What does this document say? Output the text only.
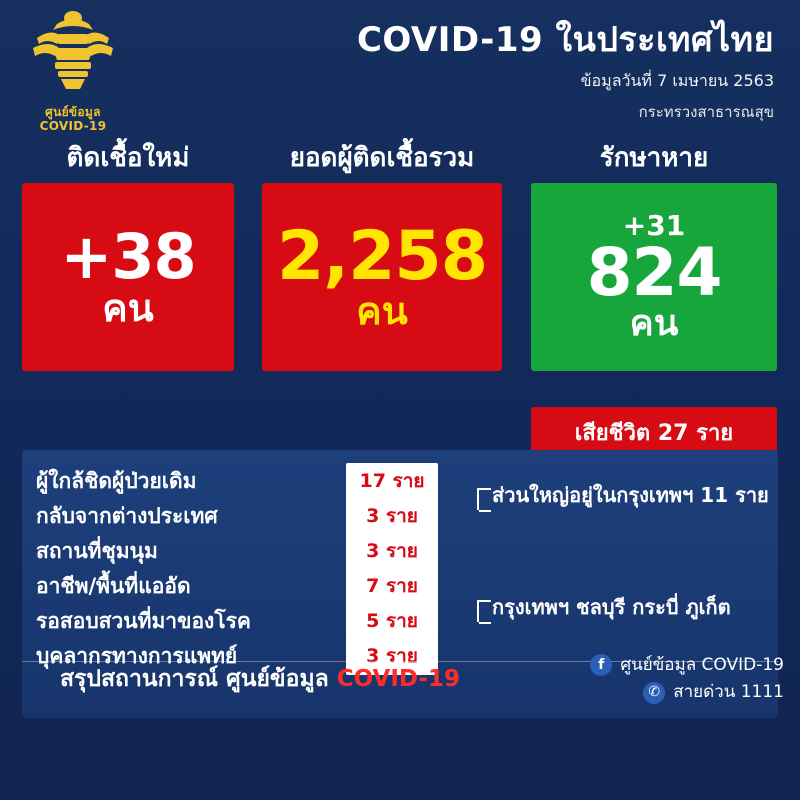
ศูนย์ข้อมูล
COVID-19
COVID-19 ในประเทศไทย
ข้อมูลวันที่ 7 เมษายน 2563
กระทรวงสาธารณสุข
ติดเชื้อใหม่
+38
คน
ยอดผู้ติดเชื้อรวม
2,258
คน
รักษาหาย
+31
824
คน
เสียชีวิต 27 ราย
ผู้ใกล้ชิดผู้ป่วยเดิม	17 ราย
กลับจากต่างประเทศ	3 ราย
สถานที่ชุมนุม	3 ราย
อาชีพ/พื้นที่แออัด	7 ราย
รอสอบสวนที่มาของโรค	5 ราย
บุคลากรทางการแพทย์	3 ราย
ส่วนใหญ่อยู่ในกรุงเทพฯ 11 ราย
กรุงเทพฯ ชลบุรี กระบี่ ภูเก็ต
สรุปสถานการณ์ ศูนย์ข้อมูล COVID-19
f ศูนย์ข้อมูล COVID-19
✆ สายด่วน 1111
